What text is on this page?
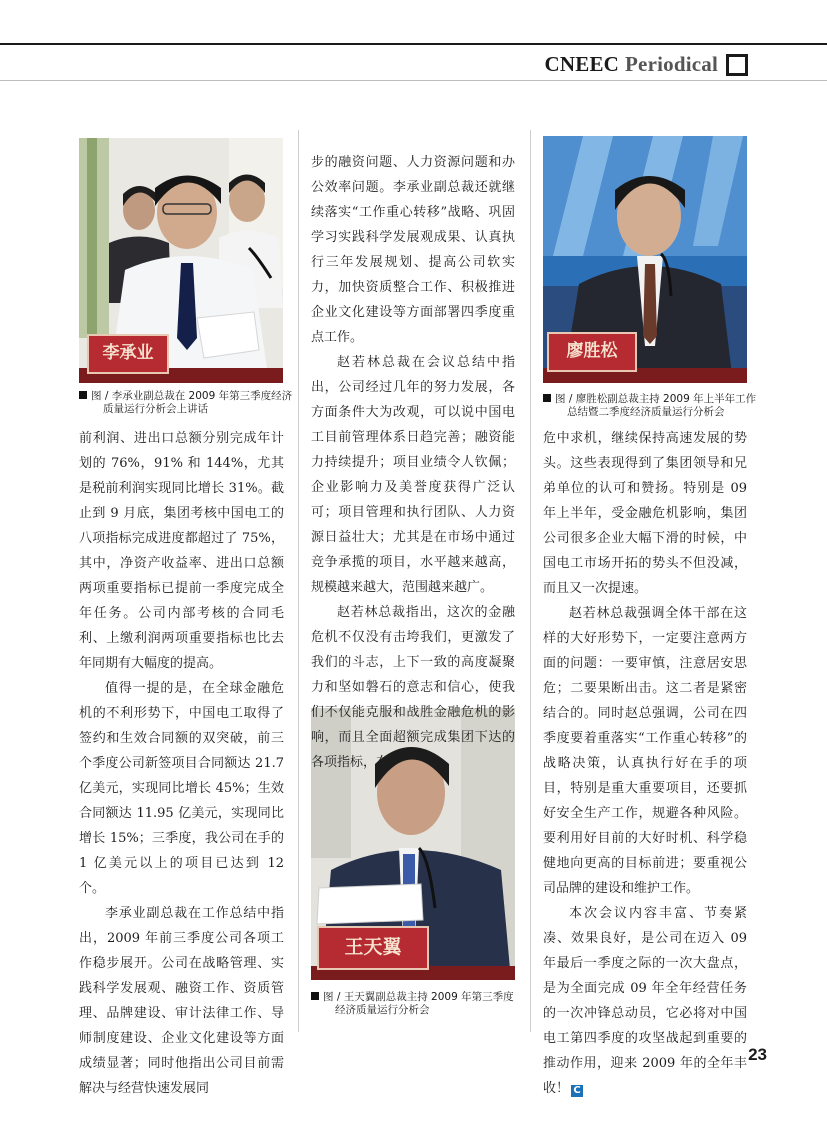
CNEEC Periodical
李承业
图 / 李承业副总裁在 2009 年第三季度经济
质量运行分析会上讲话
廖胜松
图 / 廖胜松副总裁主持 2009 年上半年工作
总结暨二季度经济质量运行分析会
王天翼
图 / 王天翼副总裁主持 2009 年第三季度
经济质量运行分析会

前利润、进出口总额分别完成年计划的 76%，91% 和 144%，尤其是税前利润实现同比增长 31%。截止到 9 月底，集团考核中国电工的八项指标完成进度都超过了 75%，其中，净资产收益率、进出口总额两项重要指标已提前一季度完成全年任务。公司内部考核的合同毛利、上缴利润两项重要指标也比去年同期有大幅度的提高。

值得一提的是，在全球金融危机的不利形势下，中国电工取得了签约和生效合同额的双突破，前三个季度公司新签项目合同额达 21.7 亿美元，实现同比增长 45%；生效合同额达 11.95 亿美元，实现同比增长 15%；三季度，我公司在手的 1 亿美元以上的项目已达到 12 个。

李承业副总裁在工作总结中指出，2009 年前三季度公司各项工作稳步展开。公司在战略管理、实践科学发展观、融资工作、资质管理、品牌建设、审计法律工作、导师制度建设、企业文化建设等方面成绩显著；同时他指出公司目前需解决与经营快速发展同

步的融资问题、人力资源问题和办公效率问题。李承业副总裁还就继续落实“工作重心转移”战略、巩固学习实践科学发展观成果、认真执行三年发展规划、提高公司软实力，加快资质整合工作、积极推进企业文化建设等方面部署四季度重点工作。

赵若林总裁在会议总结中指出，公司经过几年的努力发展，各方面条件大为改观，可以说中国电工目前管理体系日趋完善；融资能力持续提升；项目业绩令人钦佩；企业影响力及美誉度获得广泛认可；项目管理和执行团队、人力资源日益壮大；尤其是在市场中通过竞争承揽的项目，水平越来越高，规模越来越大，范围越来越广。

赵若林总裁指出，这次的金融危机不仅没有击垮我们，更激发了我们的斗志，上下一致的高度凝聚力和坚如磐石的意志和信心，使我们不仅能克服和战胜金融危机的影响，而且全面超额完成集团下达的各项指标，在

危中求机，继续保持高速发展的势头。这些表现得到了集团领导和兄弟单位的认可和赞扬。特别是 09 年上半年，受金融危机影响，集团公司很多企业大幅下滑的时候，中国电工市场开拓的势头不但没减，而且又一次提速。

赵若林总裁强调全体干部在这样的大好形势下，一定要注意两方面的问题：一要审慎，注意居安思危；二要果断出击。这二者是紧密结合的。同时赵总强调，公司在四季度要着重落实“工作重心转移”的战略决策，认真执行好在手的项目，特别是重大重要项目，还要抓好安全生产工作，规避各种风险。要利用好目前的大好时机、科学稳健地向更高的目标前进；要重视公司品牌的建设和维护工作。

本次会议内容丰富、节奏紧凑、效果良好，是公司在迈入 09 年最后一季度之际的一次大盘点，是为全面完成 09 年全年经营任务的一次冲锋总动员，它必将对中国电工第四季度的攻坚战起到重要的推动作用，迎来 2009 年的全年丰收！ C

23
